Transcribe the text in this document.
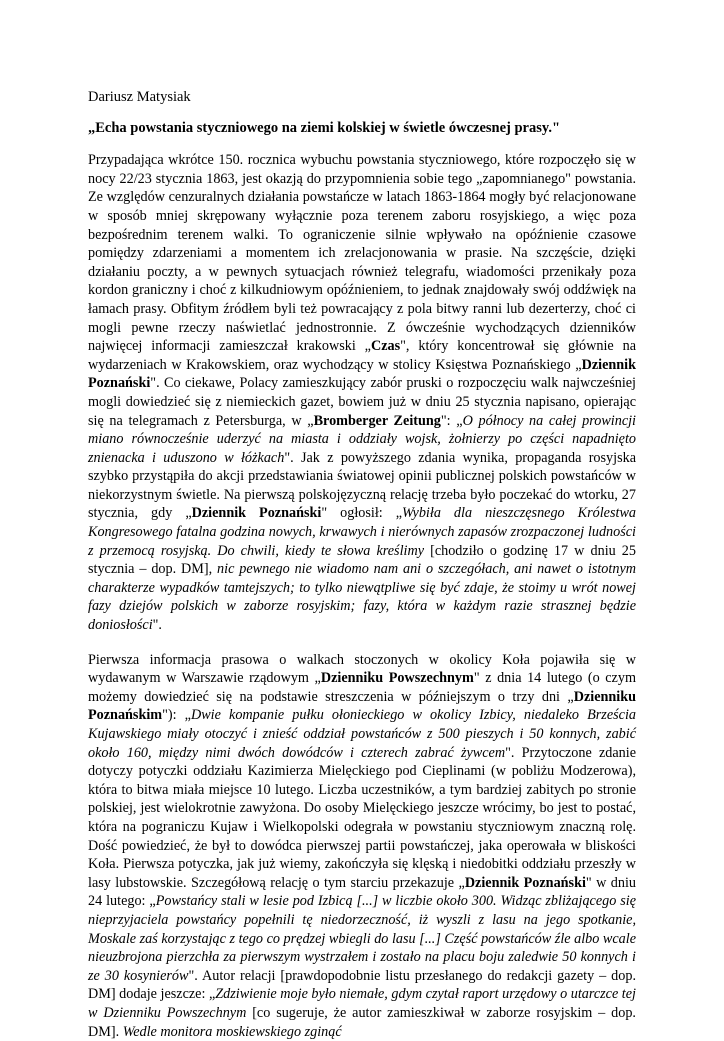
Dariusz Matysiak

„Echa powstania styczniowego na ziemi kolskiej w świetle ówczesnej prasy."

Przypadająca wkrótce 150. rocznica wybuchu powstania styczniowego, które rozpoczęło się w nocy 22/23 stycznia 1863, jest okazją do przypomnienia sobie tego „zapomnianego" powstania. Ze względów cenzuralnych działania powstańcze w latach 1863-1864 mogły być relacjonowane w sposób mniej skrępowany wyłącznie poza terenem zaboru rosyjskiego, a więc poza bezpośrednim terenem walki. To ograniczenie silnie wpływało na opóźnienie czasowe pomiędzy zdarzeniami a momentem ich zrelacjonowania w prasie. Na szczęście, dzięki działaniu poczty, a w pewnych sytuacjach również telegrafu, wiadomości przenikały poza kordon graniczny i choć z kilkudniowym opóźnieniem, to jednak znajdowały swój oddźwięk na łamach prasy. Obfitym źródłem byli też powracający z pola bitwy ranni lub dezerterzy, choć ci mogli pewne rzeczy naświetlać jednostronnie. Z ówcześnie wychodzących dzienników najwięcej informacji zamieszczał krakowski „Czas", który koncentrował się głównie na wydarzeniach w Krakowskiem, oraz wychodzący w stolicy Księstwa Poznańskiego „Dziennik Poznański". Co ciekawe, Polacy zamieszkujący zabór pruski o rozpoczęciu walk najwcześniej mogli dowiedzieć się z niemieckich gazet, bowiem już w dniu 25 stycznia napisano, opierając się na telegramach z Petersburga, w „Bromberger Zeitung": „O północy na całej prowincji miano równocześnie uderzyć na miasta i oddziały wojsk, żołnierzy po części napadnięto znienacka i uduszono w łóżkach". Jak z powyższego zdania wynika, propaganda rosyjska szybko przystąpiła do akcji przedstawiania światowej opinii publicznej polskich powstańców w niekorzystnym świetle. Na pierwszą polskojęzyczną relację trzeba było poczekać do wtorku, 27 stycznia, gdy „Dziennik Poznański" ogłosił: „Wybiła dla nieszczęsnego Królestwa Kongresowego fatalna godzina nowych, krwawych i nierównych zapasów zrozpaczonej ludności z przemocą rosyjską. Do chwili, kiedy te słowa kreślimy [chodziło o godzinę 17 w dniu 25 stycznia – dop. DM], nic pewnego nie wiadomo nam ani o szczegółach, ani nawet o istotnym charakterze wypadków tamtejszych; to tylko niewątpliwe się być zdaje, że stoimy u wrót nowej fazy dziejów polskich w zaborze rosyjskim; fazy, która w każdym razie strasznej będzie doniosłości".

Pierwsza informacja prasowa o walkach stoczonych w okolicy Koła pojawiła się w wydawanym w Warszawie rządowym „Dzienniku Powszechnym" z dnia 14 lutego (o czym możemy dowiedzieć się na podstawie streszczenia w późniejszym o trzy dni „Dzienniku Poznańskim"): „Dwie kompanie pułku ołonieckiego w okolicy Izbicy, niedaleko Brześcia Kujawskiego miały otoczyć i znieść oddział powstańców z 500 pieszych i 50 konnych, zabić około 160, między nimi dwóch dowódców i czterech zabrać żywcem". Przytoczone zdanie dotyczy potyczki oddziału Kazimierza Mielęckiego pod Cieplinami (w pobliżu Modzerowa), która to bitwa miała miejsce 10 lutego. Liczba uczestników, a tym bardziej zabitych po stronie polskiej, jest wielokrotnie zawyżona. Do osoby Mielęckiego jeszcze wrócimy, bo jest to postać, która na pograniczu Kujaw i Wielkopolski odegrała w powstaniu styczniowym znaczną rolę. Dość powiedzieć, że był to dowódca pierwszej partii powstańczej, jaka operowała w bliskości Koła. Pierwsza potyczka, jak już wiemy, zakończyła się klęską i niedobitki oddziału przeszły w lasy lubstowskie. Szczegółową relację o tym starciu przekazuje „Dziennik Poznański" w dniu 24 lutego: „Powstańcy stali w lesie pod Izbicą [...] w liczbie około 300. Widząc zbliżającego się nieprzyjaciela powstańcy popełnili tę niedorzeczność, iż wyszli z lasu na jego spotkanie, Moskale zaś korzystając z tego co prędzej wbiegli do lasu [...] Część powstańców źle albo wcale nieuzbrojona pierzchła za pierwszym wystrzałem i zostało na placu boju zaledwie 50 konnych i ze 30 kosynierów". Autor relacji [prawdopodobnie listu przesłanego do redakcji gazety – dop. DM] dodaje jeszcze: „Zdziwienie moje było niemałe, gdym czytał raport urzędowy o utarczce tej w Dzienniku Powszechnym [co sugeruje, że autor zamieszkiwał w zaborze rosyjskim – dop. DM]. Wedle monitora moskiewskiego zginąć
